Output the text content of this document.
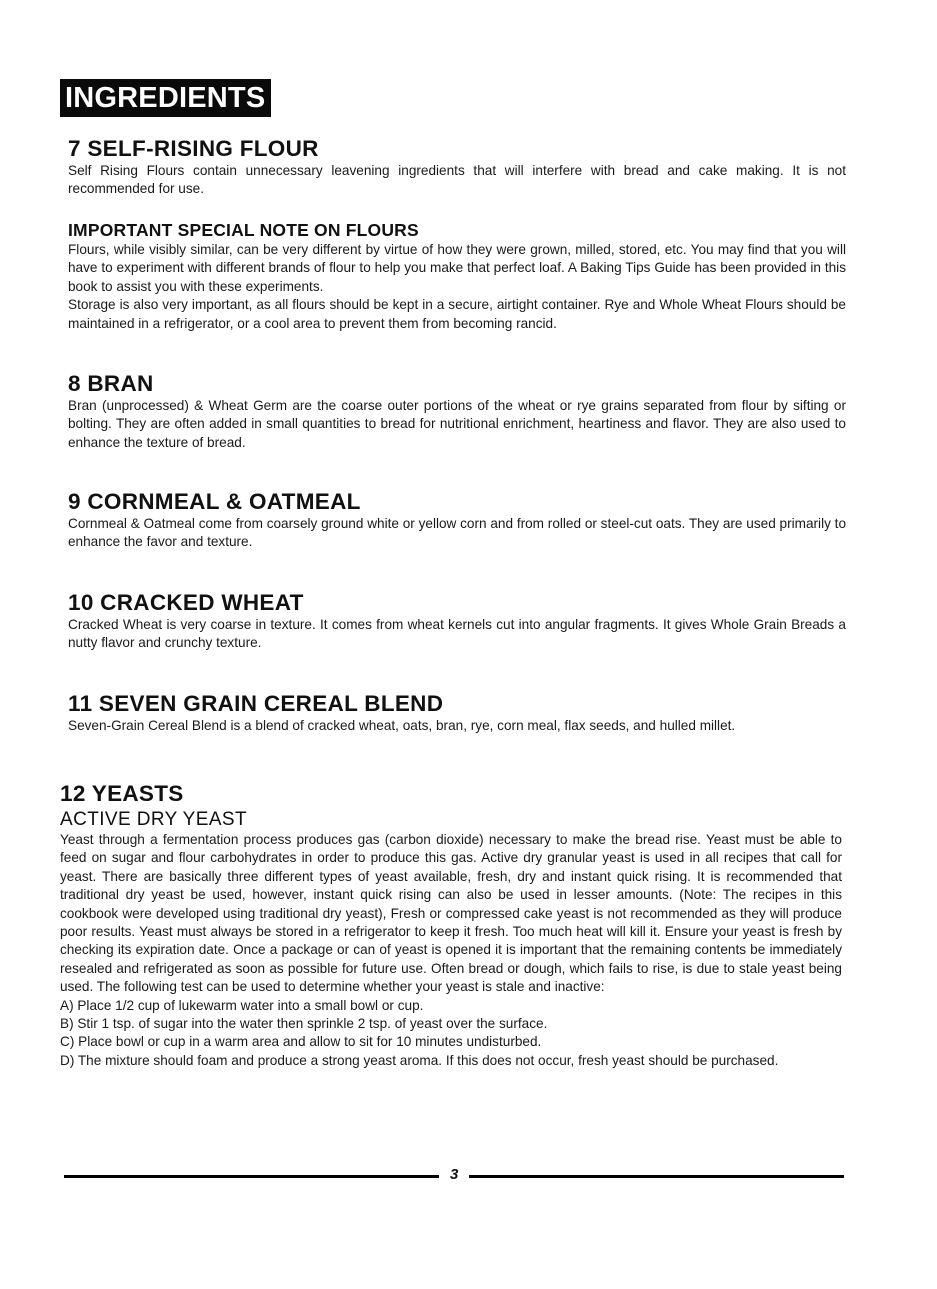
INGREDIENTS
7 SELF-RISING FLOUR

Self Rising Flours contain unnecessary leavening ingredients that will interfere with bread and cake making. It is not recommended for use.

IMPORTANT SPECIAL NOTE ON FLOURS

Flours, while visibly similar, can be very different by virtue of how they were grown, milled, stored, etc. You may find that you will have to experiment with different brands of flour to help you make that perfect loaf. A Baking Tips Guide has been provided in this book to assist you with these experiments.

Storage is also very important, as all flours should be kept in a secure, airtight container. Rye and Whole Wheat Flours should be maintained in a refrigerator, or a cool area to prevent them from becoming rancid.

8 BRAN

Bran (unprocessed) & Wheat Germ are the coarse outer portions of the wheat or rye grains separated from flour by sifting or bolting. They are often added in small quantities to bread for nutritional enrichment, heartiness and flavor. They are also used to enhance the texture of bread.

9 CORNMEAL & OATMEAL

Cornmeal & Oatmeal come from coarsely ground white or yellow corn and from rolled or steel-cut oats. They are used primarily to enhance the favor and texture.

10 CRACKED WHEAT

Cracked Wheat is very coarse in texture. It comes from wheat kernels cut into angular fragments. It gives Whole Grain Breads a nutty flavor and crunchy texture.

11 SEVEN GRAIN CEREAL BLEND

Seven-Grain Cereal Blend is a blend of cracked wheat, oats, bran, rye, corn meal, flax seeds, and hulled millet.

12 YEASTS
ACTIVE DRY YEAST

Yeast through a fermentation process produces gas (carbon dioxide) necessary to make the bread rise. Yeast must be able to feed on sugar and flour carbohydrates in order to produce this gas. Active dry granular yeast is used in all recipes that call for yeast. There are basically three different types of yeast available, fresh, dry and instant quick rising. It is recommended that traditional dry yeast be used, however, instant quick rising can also be used in lesser amounts. (Note: The recipes in this cookbook were developed using traditional dry yeast), Fresh or compressed cake yeast is not recommended as they will produce poor results. Yeast must always be stored in a refrigerator to keep it fresh. Too much heat will kill it. Ensure your yeast is fresh by checking its expiration date. Once a package or can of yeast is opened it is important that the remaining contents be immediately resealed and refrigerated as soon as possible for future use. Often bread or dough, which fails to rise, is due to stale yeast being used. The following test can be used to determine whether your yeast is stale and inactive:

A) Place 1/2 cup of lukewarm water into a small bowl or cup.

B) Stir 1 tsp. of sugar into the water then sprinkle 2 tsp. of yeast over the surface.

C) Place bowl or cup in a warm area and allow to sit for 10 minutes undisturbed.

D) The mixture should foam and produce a strong yeast aroma. If this does not occur, fresh yeast should be purchased.

3
